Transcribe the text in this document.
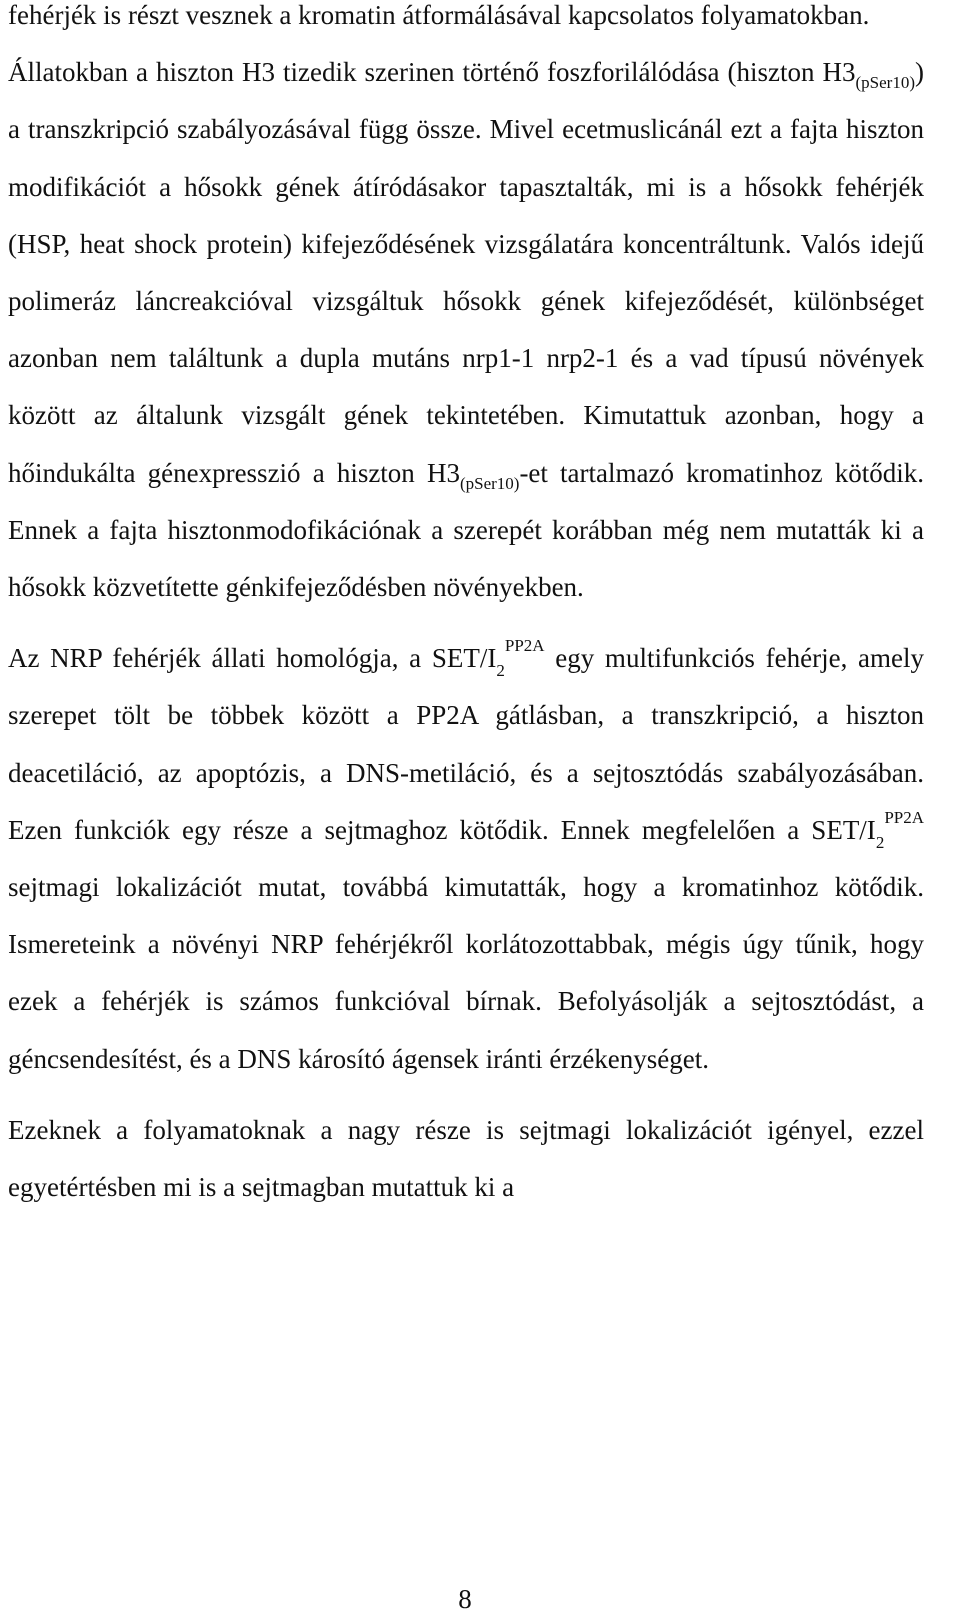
fehérjék is részt vesznek a kromatin átformálásával kapcsolatos folyamatokban.

Állatokban a hiszton H3 tizedik szerinen történő foszforilálódása (hiszton $H3_{(pSer10)}$) a transzkripció szabályozásával függ össze. Mivel ecetmuslicánál ezt a fajta hiszton modifikációt a hősokk gének átíródásakor tapasztalták, mi is a hősokk fehérjék (HSP, heat shock protein) kifejeződésének vizsgálatára koncentráltunk. Valós idejű polimeráz láncreakcióval vizsgáltuk hősokk gének kifejeződését, különbséget azonban nem találtunk a dupla mutáns nrp1-1 nrp2-1 és a vad típusú növények között az általunk vizsgált gének tekintetében. Kimutattuk azonban, hogy a hőindukálta génexpresszió a hiszton $H3_{(pSer10)}-et$ tartalmazó kromatinhoz kötődik. Ennek a fajta hisztonmodofikációnak a szerepét korábban még nem mutatták ki a hősokk közvetítette génkifejeződésben növényekben.

Az NRP fehérjék állati homológja, a SET/$I_2^{PP2A}$ egy multifunkciós fehérje, amely szerepet tölt be többek között a PP2A gátlásban, a transzkripció, a hiszton deacetiláció, az apoptózis, a DNS-metiláció, és a sejtosztódás szabályozásában. Ezen funkciók egy része a sejtmaghoz kötődik. Ennek megfelelően a SET/$I_2^{PP2A}$ sejtmagi lokalizációt mutat, továbbá kimutatták, hogy a kromatinhoz kötődik. Ismereteink a növényi NRP fehérjékről korlátozottabbak, mégis úgy tűnik, hogy ezek a fehérjék is számos funkcióval bírnak. Befolyásolják a sejtosztódást, a géncsendesítést, és a DNS károsító ágensek iránti érzékenységet.

Ezeknek a folyamatoknak a nagy része is sejtmagi lokalizációt igényel, ezzel egyetértésben mi is a sejtmagban mutattuk ki a

8
